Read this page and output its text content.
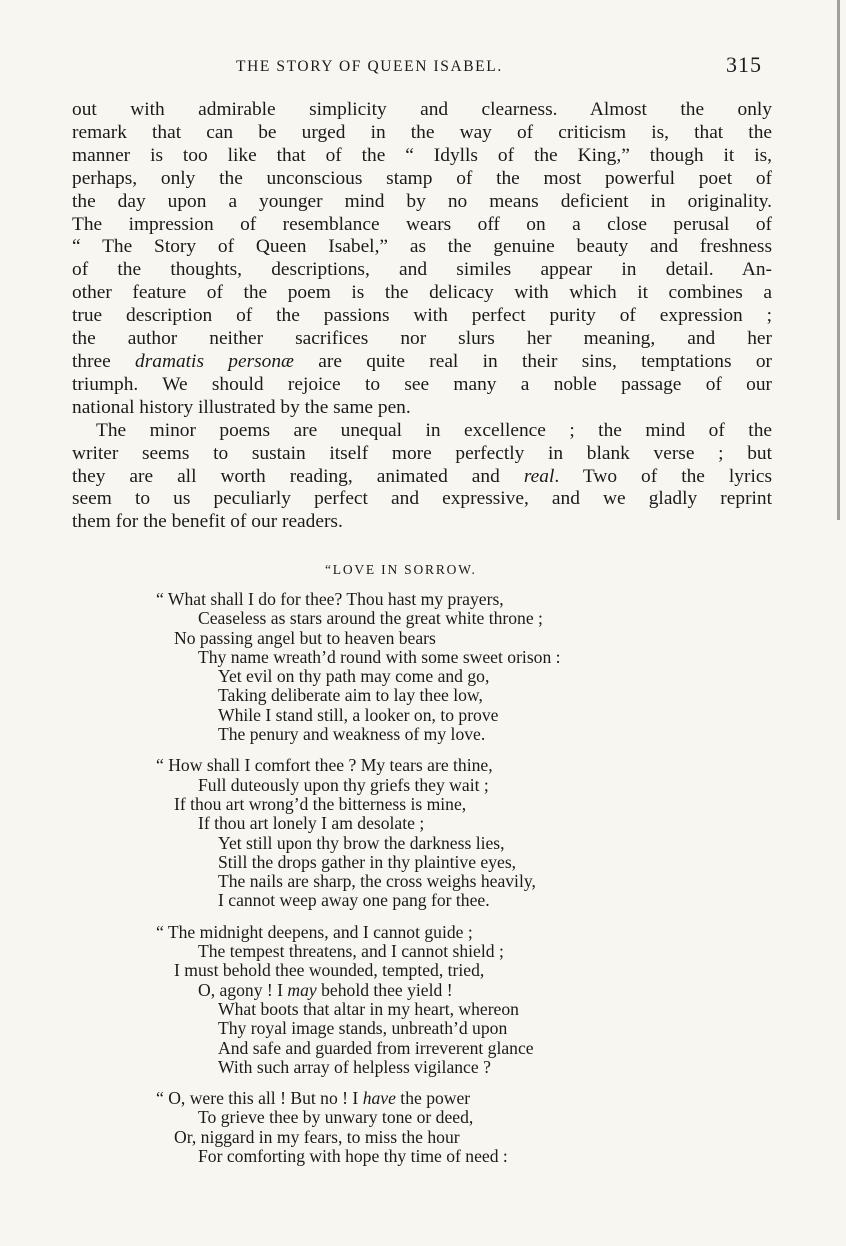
THE STORY OF QUEEN ISABEL.	315
out with admirable simplicity and clearness. Almost the only
remark that can be urged in the way of criticism is, that the
manner is too like that of the “ Idylls of the King,” though it is,
perhaps, only the unconscious stamp of the most powerful poet of
the day upon a younger mind by no means deficient in originality.
The impression of resemblance wears off on a close perusal of
“ The Story of Queen Isabel,” as the genuine beauty and freshness
of the thoughts, descriptions, and similes appear in detail. An-
other feature of the poem is the delicacy with which it combines a
true description of the passions with perfect purity of expression ;
the author neither sacrifices nor slurs her meaning, and her
three dramatis personæ are quite real in their sins, temptations or
triumph. We should rejoice to see many a noble passage of our
national history illustrated by the same pen.
The minor poems are unequal in excellence ; the mind of the
writer seems to sustain itself more perfectly in blank verse ; but
they are all worth reading, animated and real. Two of the lyrics
seem to us peculiarly perfect and expressive, and we gladly reprint
them for the benefit of our readers.
“LOVE IN SORROW.
“ What shall I do for thee? Thou hast my prayers,
Ceaseless as stars around the great white throne ;
No passing angel but to heaven bears
Thy name wreath’d round with some sweet orison :
Yet evil on thy path may come and go,
Taking deliberate aim to lay thee low,
While I stand still, a looker on, to prove
The penury and weakness of my love.
“ How shall I comfort thee ? My tears are thine,
Full duteously upon thy griefs they wait ;
If thou art wrong’d the bitterness is mine,
If thou art lonely I am desolate ;
Yet still upon thy brow the darkness lies,
Still the drops gather in thy plaintive eyes,
The nails are sharp, the cross weighs heavily,
I cannot weep away one pang for thee.
“ The midnight deepens, and I cannot guide ;
The tempest threatens, and I cannot shield ;
I must behold thee wounded, tempted, tried,
O, agony ! I may behold thee yield !
What boots that altar in my heart, whereon
Thy royal image stands, unbreath’d upon
And safe and guarded from irreverent glance
With such array of helpless vigilance ?
“ O, were this all ! But no ! I have the power
To grieve thee by unwary tone or deed,
Or, niggard in my fears, to miss the hour
For comforting with hope thy time of need :
